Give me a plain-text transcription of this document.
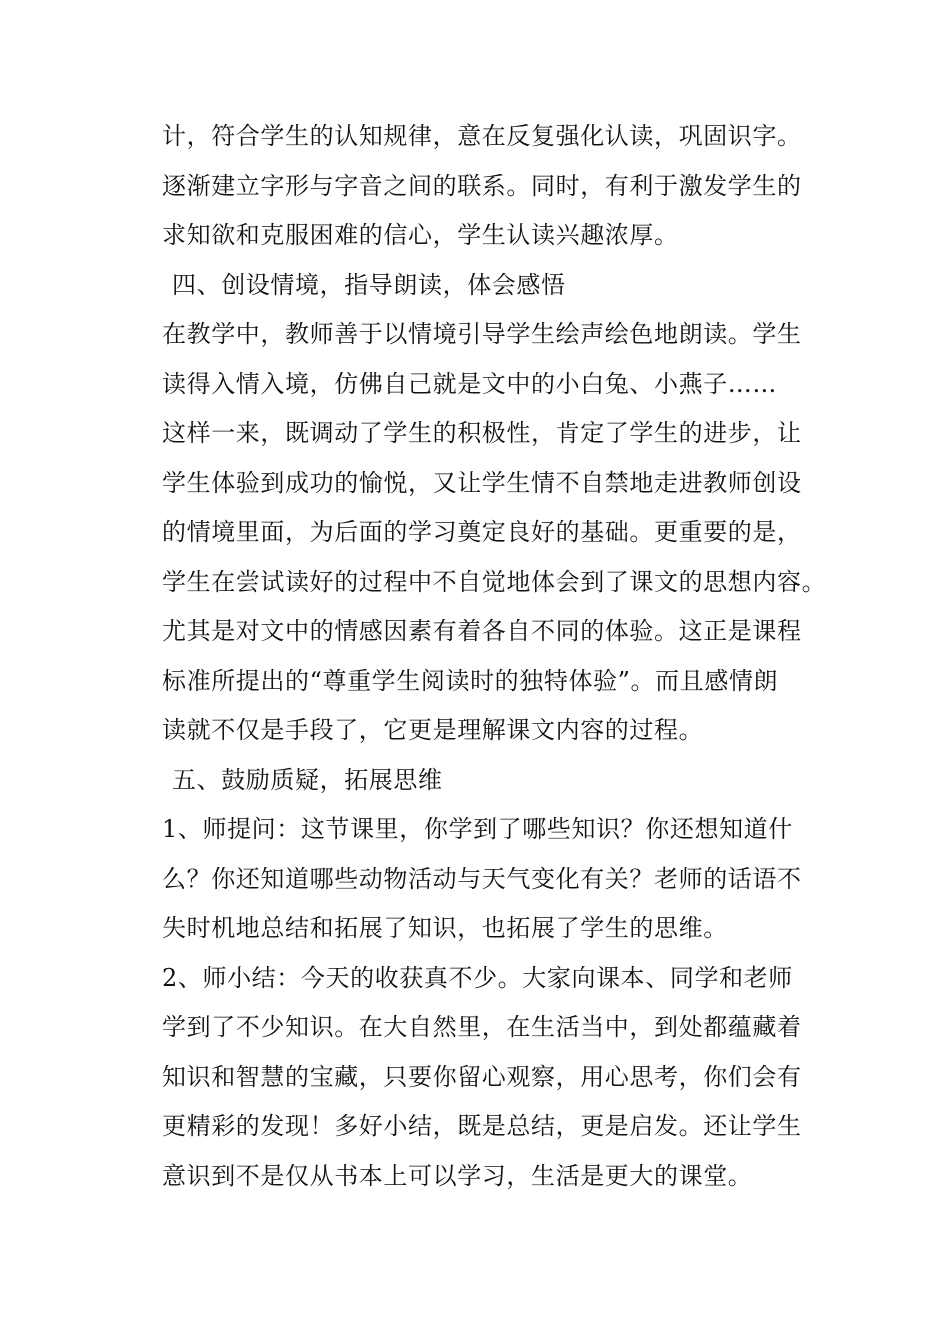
计，符合学生的认知规律，意在反复强化认读，巩固识字。
逐渐建立字形与字音之间的联系。同时，有利于激发学生的
求知欲和克服困难的信心，学生认读兴趣浓厚。
四、创设情境，指导朗读，体会感悟
在教学中，教师善于以情境引导学生绘声绘色地朗读。学生
读得入情入境，仿佛自己就是文中的小白兔、小燕子……
这样一来，既调动了学生的积极性，肯定了学生的进步，让
学生体验到成功的愉悦，又让学生情不自禁地走进教师创设
的情境里面，为后面的学习奠定良好的基础。更重要的是，
学生在尝试读好的过程中不自觉地体会到了课文的思想内容。
尤其是对文中的情感因素有着各自不同的体验。这正是课程
标准所提出的“尊重学生阅读时的独特体验”。而且感情朗
读就不仅是手段了，它更是理解课文内容的过程。
五、鼓励质疑，拓展思维
1、师提问：这节课里，你学到了哪些知识？你还想知道什
么？你还知道哪些动物活动与天气变化有关？老师的话语不
失时机地总结和拓展了知识，也拓展了学生的思维。
2、师小结：今天的收获真不少。大家向课本、同学和老师
学到了不少知识。在大自然里，在生活当中，到处都蕴藏着
知识和智慧的宝藏，只要你留心观察，用心思考，你们会有
更精彩的发现！多好小结，既是总结，更是启发。还让学生
意识到不是仅从书本上可以学习，生活是更大的课堂。
